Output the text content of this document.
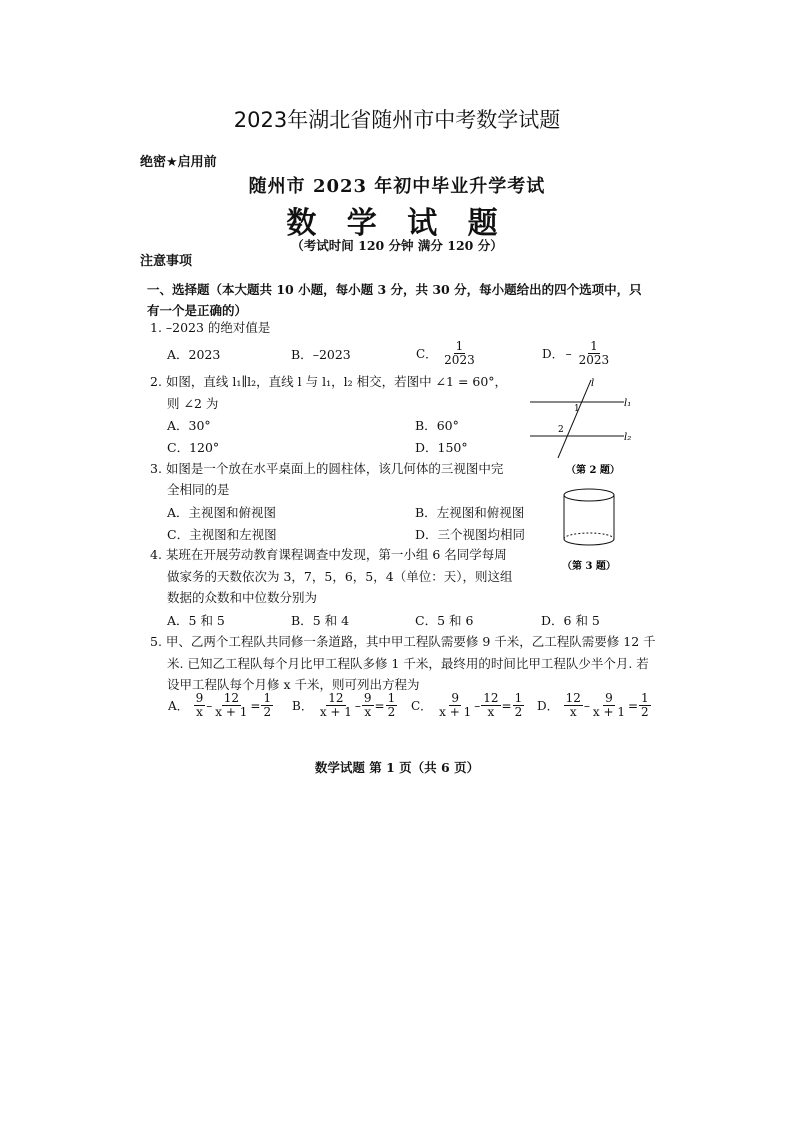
2023年湖北省随州市中考数学试题
绝密★启用前
随州市 2023 年初中毕业升学考试
数 学 试 题
（考试时间 120 分钟 满分 120 分）
注意事项
一、选择题（本大题共 10 小题，每小题 3 分，共 30 分，每小题给出的四个选项中，只有一个是正确的）
1. –2023 的绝对值是
A．2023	B．–2023	C． $\frac{1}{2023}$	D． – $\frac{1}{2023}$
2. 如图，直线 l₁∥l₂，直线 l 与 l₁，l₂ 相交，若图中 ∠1 = 60°，
则 ∠2 为
A．30°	B．60°
C．120°	D．150°
l
l₁
l₂
1
2
（第 2 题）
3. 如图是一个放在水平桌面上的圆柱体，该几何体的三视图中完
全相同的是
A．主视图和俯视图	B．左视图和俯视图
C．主视图和左视图	D．三个视图均相同
（第 3 题）
4. 某班在开展劳动教育课程调查中发现，第一小组 6 名同学每周
做家务的天数依次为 3，7，5，6，5，4（单位：天），则这组
数据的众数和中位数分别为
A．5 和 5	B．5 和 4	C．5 和 6	D．6 和 5
5. 甲、乙两个工程队共同修一条道路，其中甲工程队需要修 9 千米，乙工程队需要修 12 千
米. 已知乙工程队每个月比甲工程队多修 1 千米，最终用的时间比甲工程队少半个月. 若
设甲工程队每个月修 x 千米，则可列出方程为
A． $\frac{9}{x} - \frac{12}{x + 1} = \frac{1}{2}$ B． $\frac{12}{x + 1} - \frac{9}{x} = \frac{1}{2}$ C． $\frac{9}{x + 1} - \frac{12}{x} = \frac{1}{2}$ D． $\frac{12}{x} - \frac{9}{x + 1} = \frac{1}{2}$
数学试题 第 1 页（共 6 页）
